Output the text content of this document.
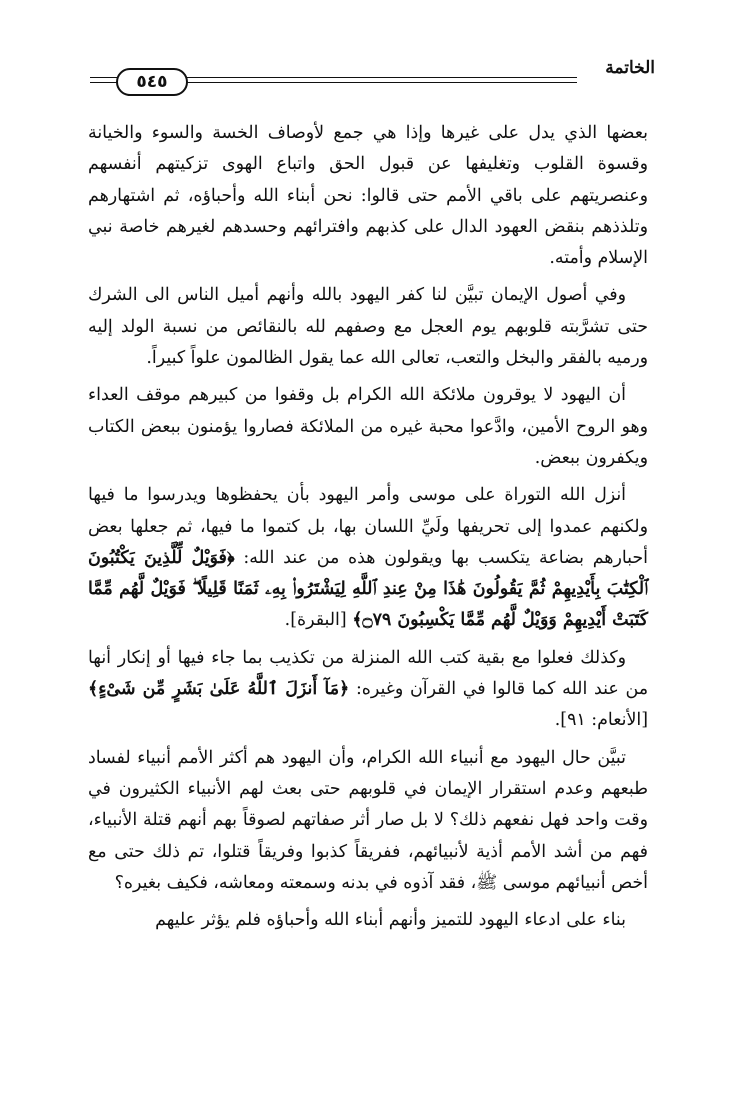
الخاتمة
٥٤٥

بعضها الذي يدل على غيرها وإذا هي جمع لأوصاف الخسة والسوء والخيانة وقسوة القلوب وتغليفها عن قبول الحق واتباع الهوى تزكيتهم أنفسهم وعنصريتهم على باقي الأمم حتى قالوا: نحن أبناء الله وأحباؤه، ثم اشتهارهم وتلذذهم بنقض العهود الدال على كذبهم وافترائهم وحسدهم لغيرهم خاصة نبي الإسلام وأمته.

وفي أصول الإيمان تبيَّن لنا كفر اليهود بالله وأنهم أميل الناس الى الشرك حتى تشرَّبته قلوبهم يوم العجل مع وصفهم لله بالنقائص من نسبة الولد إليه ورميه بالفقر والبخل والتعب، تعالى الله عما يقول الظالمون علواً كبيراً.

أن اليهود لا يوقرون ملائكة الله الكرام بل وقفوا من كبيرهم موقف العداء وهو الروح الأمين، وادَّعوا محبة غيره من الملائكة فصاروا يؤمنون ببعض الكتاب ويكفرون ببعض.

أنزل الله التوراة على موسى وأمر اليهود بأن يحفظوها ويدرسوا ما فيها ولكنهم عمدوا إلى تحريفها ولَيِّ اللسان بها، بل كتموا ما فيها، ثم جعلها بعض أحبارهم بضاعة يتكسب بها ويقولون هذه من عند الله: ﴿فَوَيْلٌ لِّلَّذِينَ يَكْتُبُونَ ٱلْكِتَٰبَ بِأَيْدِيهِمْ ثُمَّ يَقُولُونَ هَٰذَا مِنْ عِندِ ٱللَّهِ لِيَشْتَرُوا۟ بِهِۦ ثَمَنًا قَلِيلًا ۖ فَوَيْلٌ لَّهُم مِّمَّا كَتَبَتْ أَيْدِيهِمْ وَوَيْلٌ لَّهُم مِّمَّا يَكْسِبُونَ ۝٧٩﴾ [البقرة].

وكذلك فعلوا مع بقية كتب الله المنزلة من تكذيب بما جاء فيها أو إنكار أنها من عند الله كما قالوا في القرآن وغيره: ﴿مَآ أَنزَلَ ٱللَّهُ عَلَىٰ بَشَرٍ مِّن شَىْءٍ﴾ [الأنعام: ٩١].

تبيَّن حال اليهود مع أنبياء الله الكرام، وأن اليهود هم أكثر الأمم أنبياء لفساد طبعهم وعدم استقرار الإيمان في قلوبهم حتى بعث لهم الأنبياء الكثيرون في وقت واحد فهل نفعهم ذلك؟ لا بل صار أثر صفاتهم لصوقاً بهم أنهم قتلة الأنبياء، فهم من أشد الأمم أذية لأنبيائهم، ففريقاً كذبوا وفريقاً قتلوا، تم ذلك حتى مع أخص أنبيائهم موسى ﷺ، فقد آذوه في بدنه وسمعته ومعاشه، فكيف بغيره؟

بناء على ادعاء اليهود للتميز وأنهم أبناء الله وأحباؤه فلم يؤثر عليهم
